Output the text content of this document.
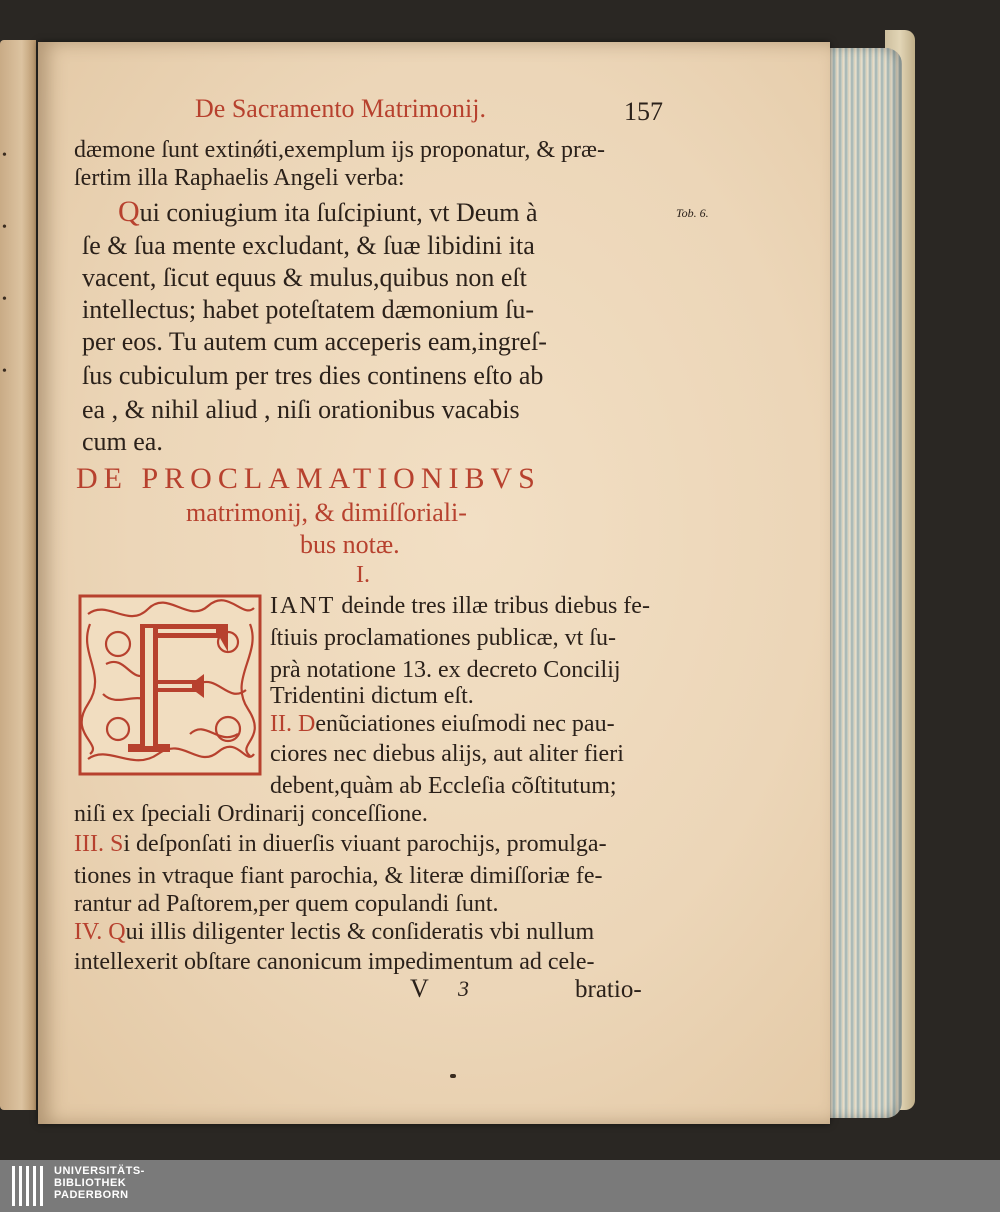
•
•
•
•
De Sacramento Matrimonij.	157
Tob. 6.
dæmone ſunt extinǿti,exemplum ijs proponatur, & præ-
ſertim illa Raphaelis Angeli verba:
Qui coniugium ita ſuſcipiunt, vt Deum à
ſe & ſua mente excludant, & ſuæ libidini ita
vacent, ſicut equus & mulus,quibus non eſt
intellectus; habet poteſtatem dæmonium ſu-
per eos. Tu autem cum acceperis eam,ingreſ-
ſus cubiculum per tres dies continens eſto ab
ea , & nihil aliud , niſi orationibus vacabis
cum ea.
DE PROCLAMATIONIBVS
matrimonij, & dimiſſoriali-
bus notæ.
I.
IANT deinde tres illæ tribus diebus fe-
ſtiuis proclamationes publicæ, vt ſu-
prà notatione 13. ex decreto Concilij
Tridentini dictum eſt.
II. Denũciationes eiuſmodi nec pau-
ciores nec diebus alijs, aut aliter fieri
debent,quàm ab Eccleſia cõſtitutum;
niſi ex ſpeciali Ordinarij conceſſione.
III. Si deſponſati in diuerſis viuant parochijs, promulga-
tiones in vtraque fiant parochia, & literæ dimiſſoriæ fe-
rantur ad Paſtorem,per quem copulandi ſunt.
IV. Qui illis diligenter lectis & conſideratis vbi nullum
intellexerit obſtare canonicum impedimentum ad cele-
V 3	bratio-
UNIVERSITÄTS-
BIBLIOTHEK
PADERBORN
